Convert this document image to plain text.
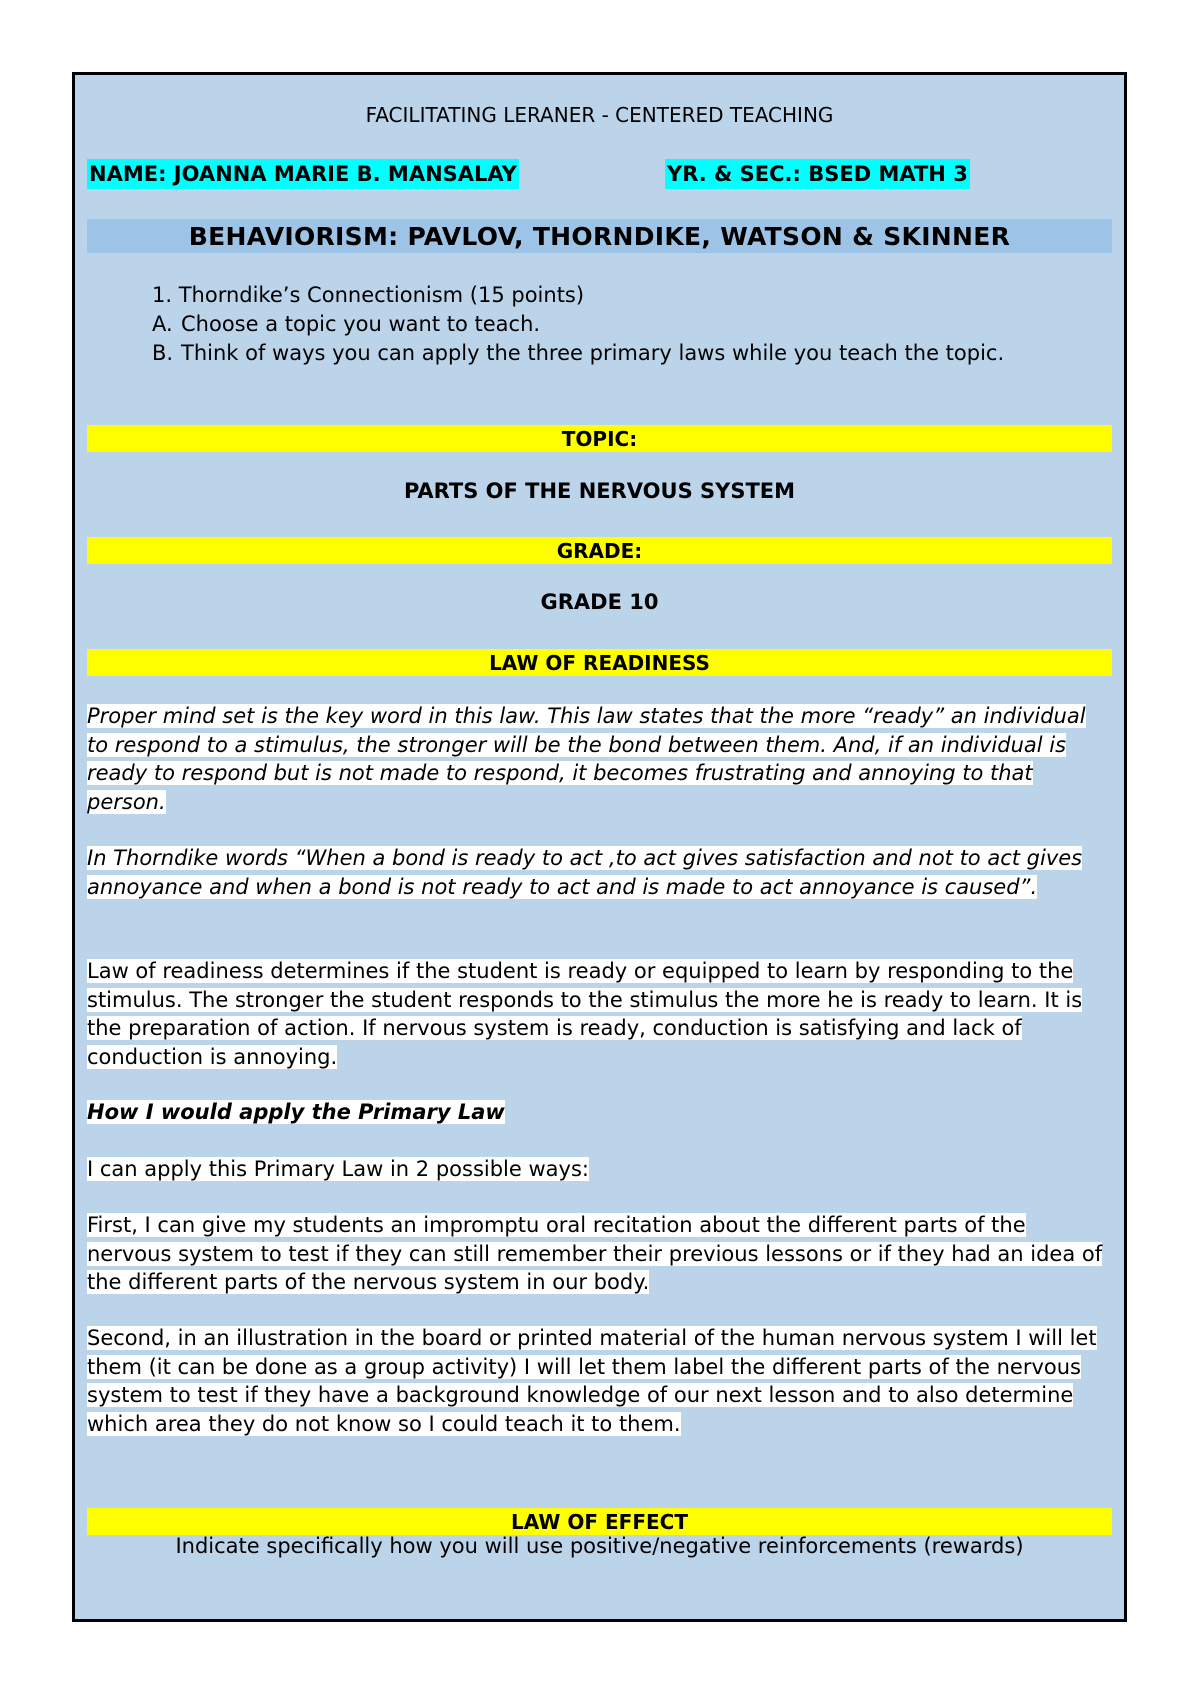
FACILITATING LERANER - CENTERED TEACHING
NAME: JOANNA MARIE B. MANSALAY	YR. & SEC.: BSED MATH 3
BEHAVIORISM: PAVLOV, THORNDIKE, WATSON & SKINNER
1. Thorndike’s Connectionism (15 points)
A. Choose a topic you want to teach.
B. Think of ways you can apply the three primary laws while you teach the topic.
TOPIC:
PARTS OF THE NERVOUS SYSTEM
GRADE:
GRADE 10
LAW OF READINESS
Proper mind set is the key word in this law. This law states that the more “ready” an individual to respond to a stimulus, the stronger will be the bond between them. And, if an individual is ready to respond but is not made to respond, it becomes frustrating and annoying to that person.
In Thorndike words “When a bond is ready to act ,to act gives satisfaction and not to act gives annoyance and when a bond is not ready to act and is made to act annoyance is caused”.
Law of readiness determines if the student is ready or equipped to learn by responding to the stimulus. The stronger the student responds to the stimulus the more he is ready to learn. It is the preparation of action. If nervous system is ready, conduction is satisfying and lack of conduction is annoying.
How I would apply the Primary Law
I can apply this Primary Law in 2 possible ways:
First, I can give my students an impromptu oral recitation about the different parts of the nervous system to test if they can still remember their previous lessons or if they had an idea of the different parts of the nervous system in our body.
Second, in an illustration in the board or printed material of the human nervous system I will let them (it can be done as a group activity) I will let them label the different parts of the nervous system to test if they have a background knowledge of our next lesson and to also determine which area they do not know so I could teach it to them.
LAW OF EFFECT
Indicate specifically how you will use positive/negative reinforcements (rewards)
